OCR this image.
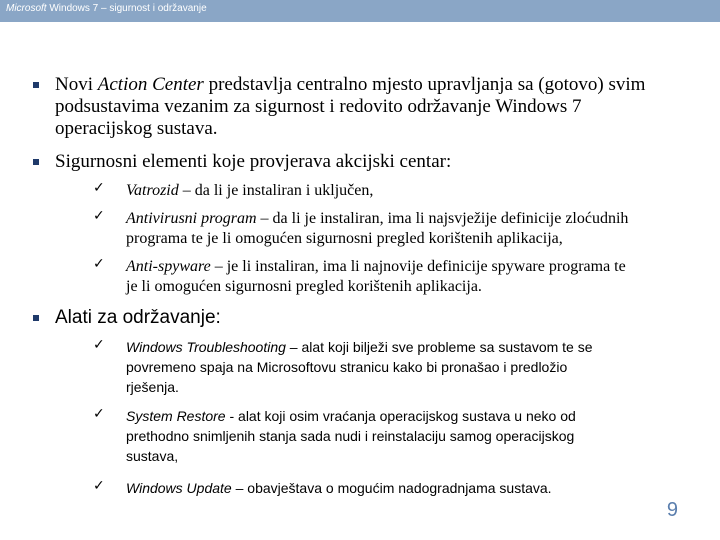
Microsoft Windows 7 – sigurnost i održavanje
Novi Action Center predstavlja centralno mjesto upravljanja sa (gotovo) svim
podsustavima vezanim za sigurnost i redovito održavanje Windows 7
operacijskog sustava.
Sigurnosni elementi koje provjerava akcijski centar:
✓ Vatrozid – da li je instaliran i uključen,
✓ Antivirusni program – da li je instaliran, ima li najsvježije definicije zloćudnih
programa te je li omogućen sigurnosni pregled korištenih aplikacija,
✓ Anti-spyware – je li instaliran, ima li najnovije definicije spyware programa te
je li omogućen sigurnosni pregled korištenih aplikacija.
Alati za održavanje:
✓ Windows Troubleshooting – alat koji bilježi sve probleme sa sustavom te se
povremeno spaja na Microsoftovu stranicu kako bi pronašao i predložio
rješenja.
✓ System Restore - alat koji osim vraćanja operacijskog sustava u neko od
prethodno snimljenih stanja sada nudi i reinstalaciju samog operacijskog
sustava,
✓ Windows Update – obavještava o mogućim nadogradnjama sustava.
9
